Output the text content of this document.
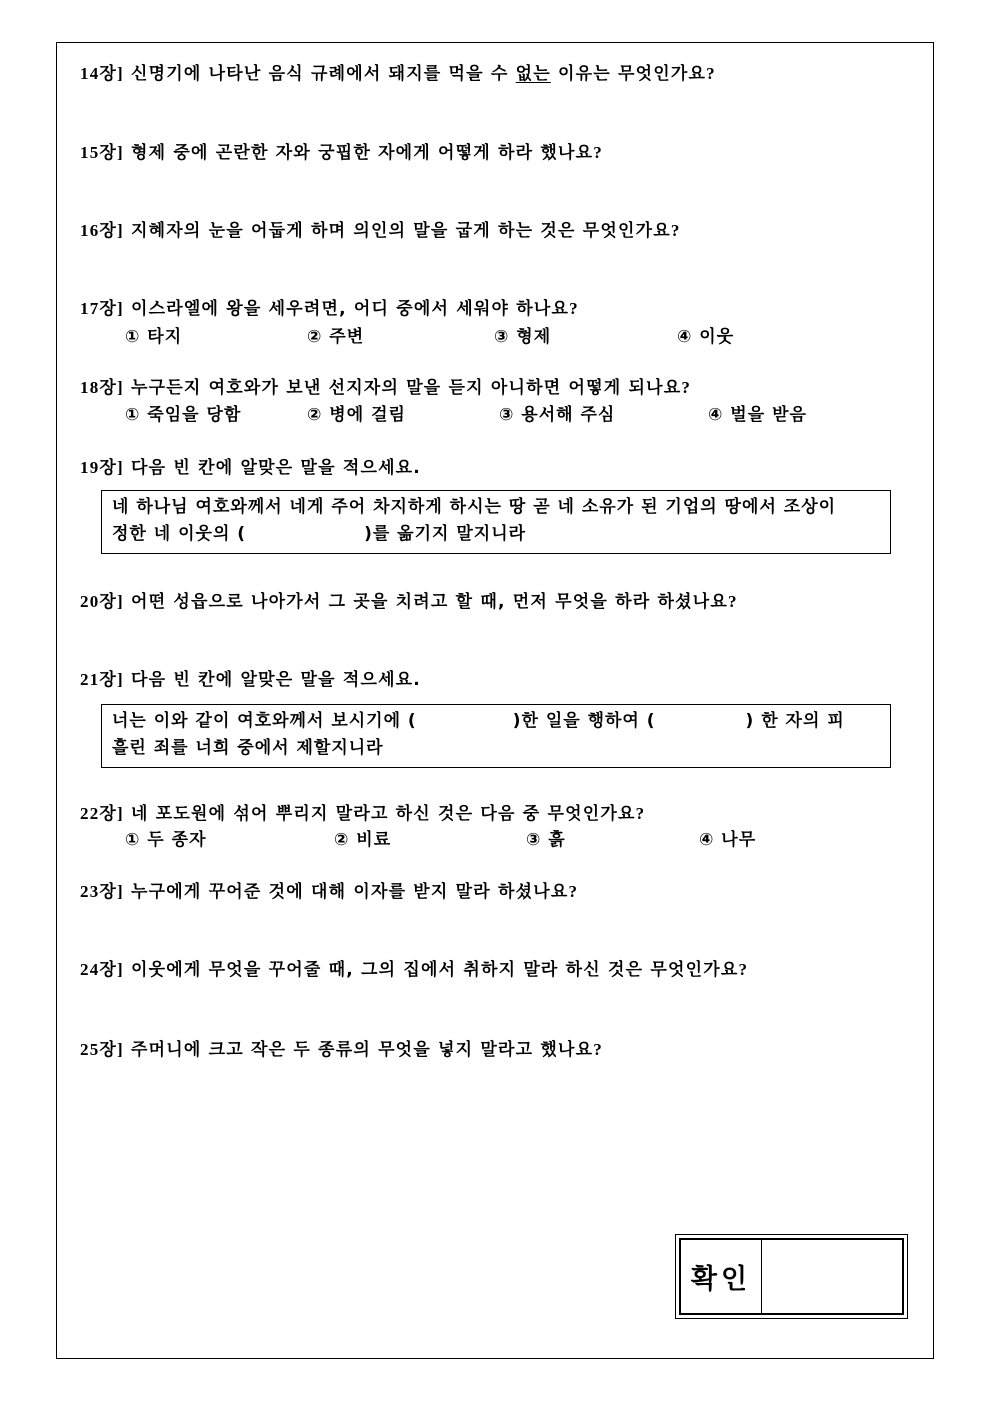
14장] 신명기에 나타난 음식 규례에서 돼지를 먹을 수 없는 이유는 무엇인가요?
15장] 형제 중에 곤란한 자와 궁핍한 자에게 어떻게 하라 했나요?
16장] 지혜자의 눈을 어둡게 하며 의인의 말을 굽게 하는 것은 무엇인가요?
17장] 이스라엘에 왕을 세우려면, 어디 중에서 세워야 하나요?
① 타지	② 주변	③ 형제	④ 이웃
18장] 누구든지 여호와가 보낸 선지자의 말을 듣지 아니하면 어떻게 되나요?
① 죽임을 당함	② 병에 걸림	③ 용서해 주심	④ 벌을 받음
19장] 다음 빈 칸에 알맞은 말을 적으세요.
네 하나님 여호와께서 네게 주어 차지하게 하시는 땅 곧 네 소유가 된 기업의 땅에서 조상이
정한 네 이웃의 (	)를 옮기지 말지니라
20장] 어떤 성읍으로 나아가서 그 곳을 치려고 할 때, 먼저 무엇을 하라 하셨나요?
21장] 다음 빈 칸에 알맞은 말을 적으세요.
너는 이와 같이 여호와께서 보시기에 (	)한 일을 행하여 (	) 한 자의 피
흘린 죄를 너희 중에서 제할지니라
22장] 네 포도원에 섞어 뿌리지 말라고 하신 것은 다음 중 무엇인가요?
① 두 종자	② 비료	③ 흙	④ 나무
23장] 누구에게 꾸어준 것에 대해 이자를 받지 말라 하셨나요?
24장] 이웃에게 무엇을 꾸어줄 때, 그의 집에서 취하지 말라 하신 것은 무엇인가요?
25장] 주머니에 크고 작은 두 종류의 무엇을 넣지 말라고 했나요?
확인
